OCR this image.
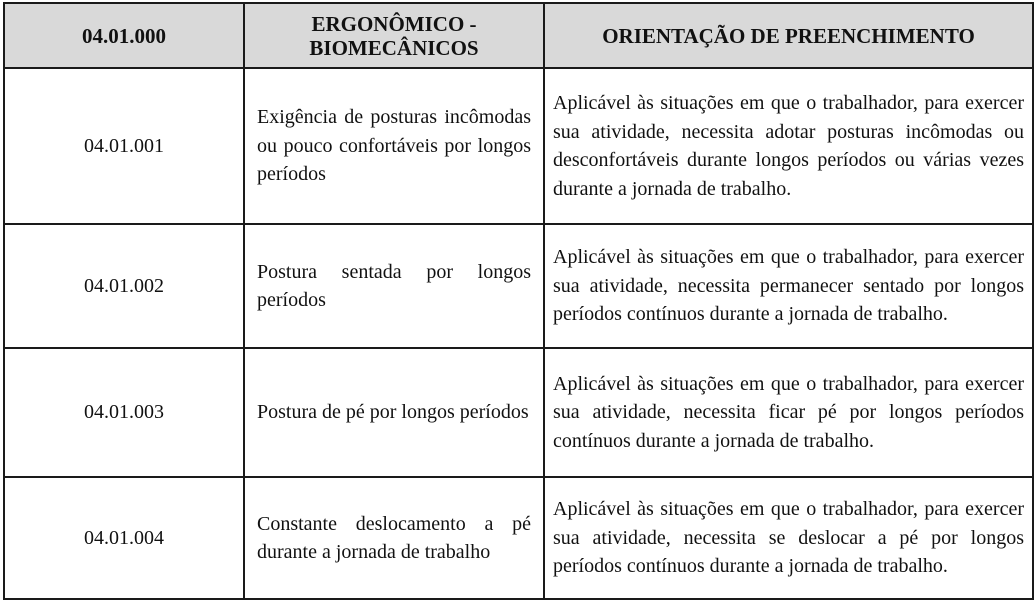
04.01.000	ERGONÔMICO - BIOMECÂNICOS	ORIENTAÇÃO DE PREENCHIMENTO
04.01.001	Exigência de posturas incômodas ou pouco confortáveis por longos períodos	Aplicável às situações em que o trabalhador, para exercer sua atividade, necessita adotar posturas incômodas ou desconfortáveis durante longos períodos ou várias vezes durante a jornada de trabalho.

04.01.002	Postura sentada por longos períodos	Aplicável às situações em que o trabalhador, para exercer sua atividade, necessita permanecer sentado por longos períodos contínuos durante a jornada de trabalho.

04.01.003	Postura de pé por longos períodos	Aplicável às situações em que o trabalhador, para exercer sua atividade, necessita ficar pé por longos períodos contínuos durante a jornada de trabalho.

04.01.004	Constante deslocamento a pé durante a jornada de trabalho	Aplicável às situações em que o trabalhador, para exercer sua atividade, necessita se deslocar a pé por longos períodos contínuos durante a jornada de trabalho.
